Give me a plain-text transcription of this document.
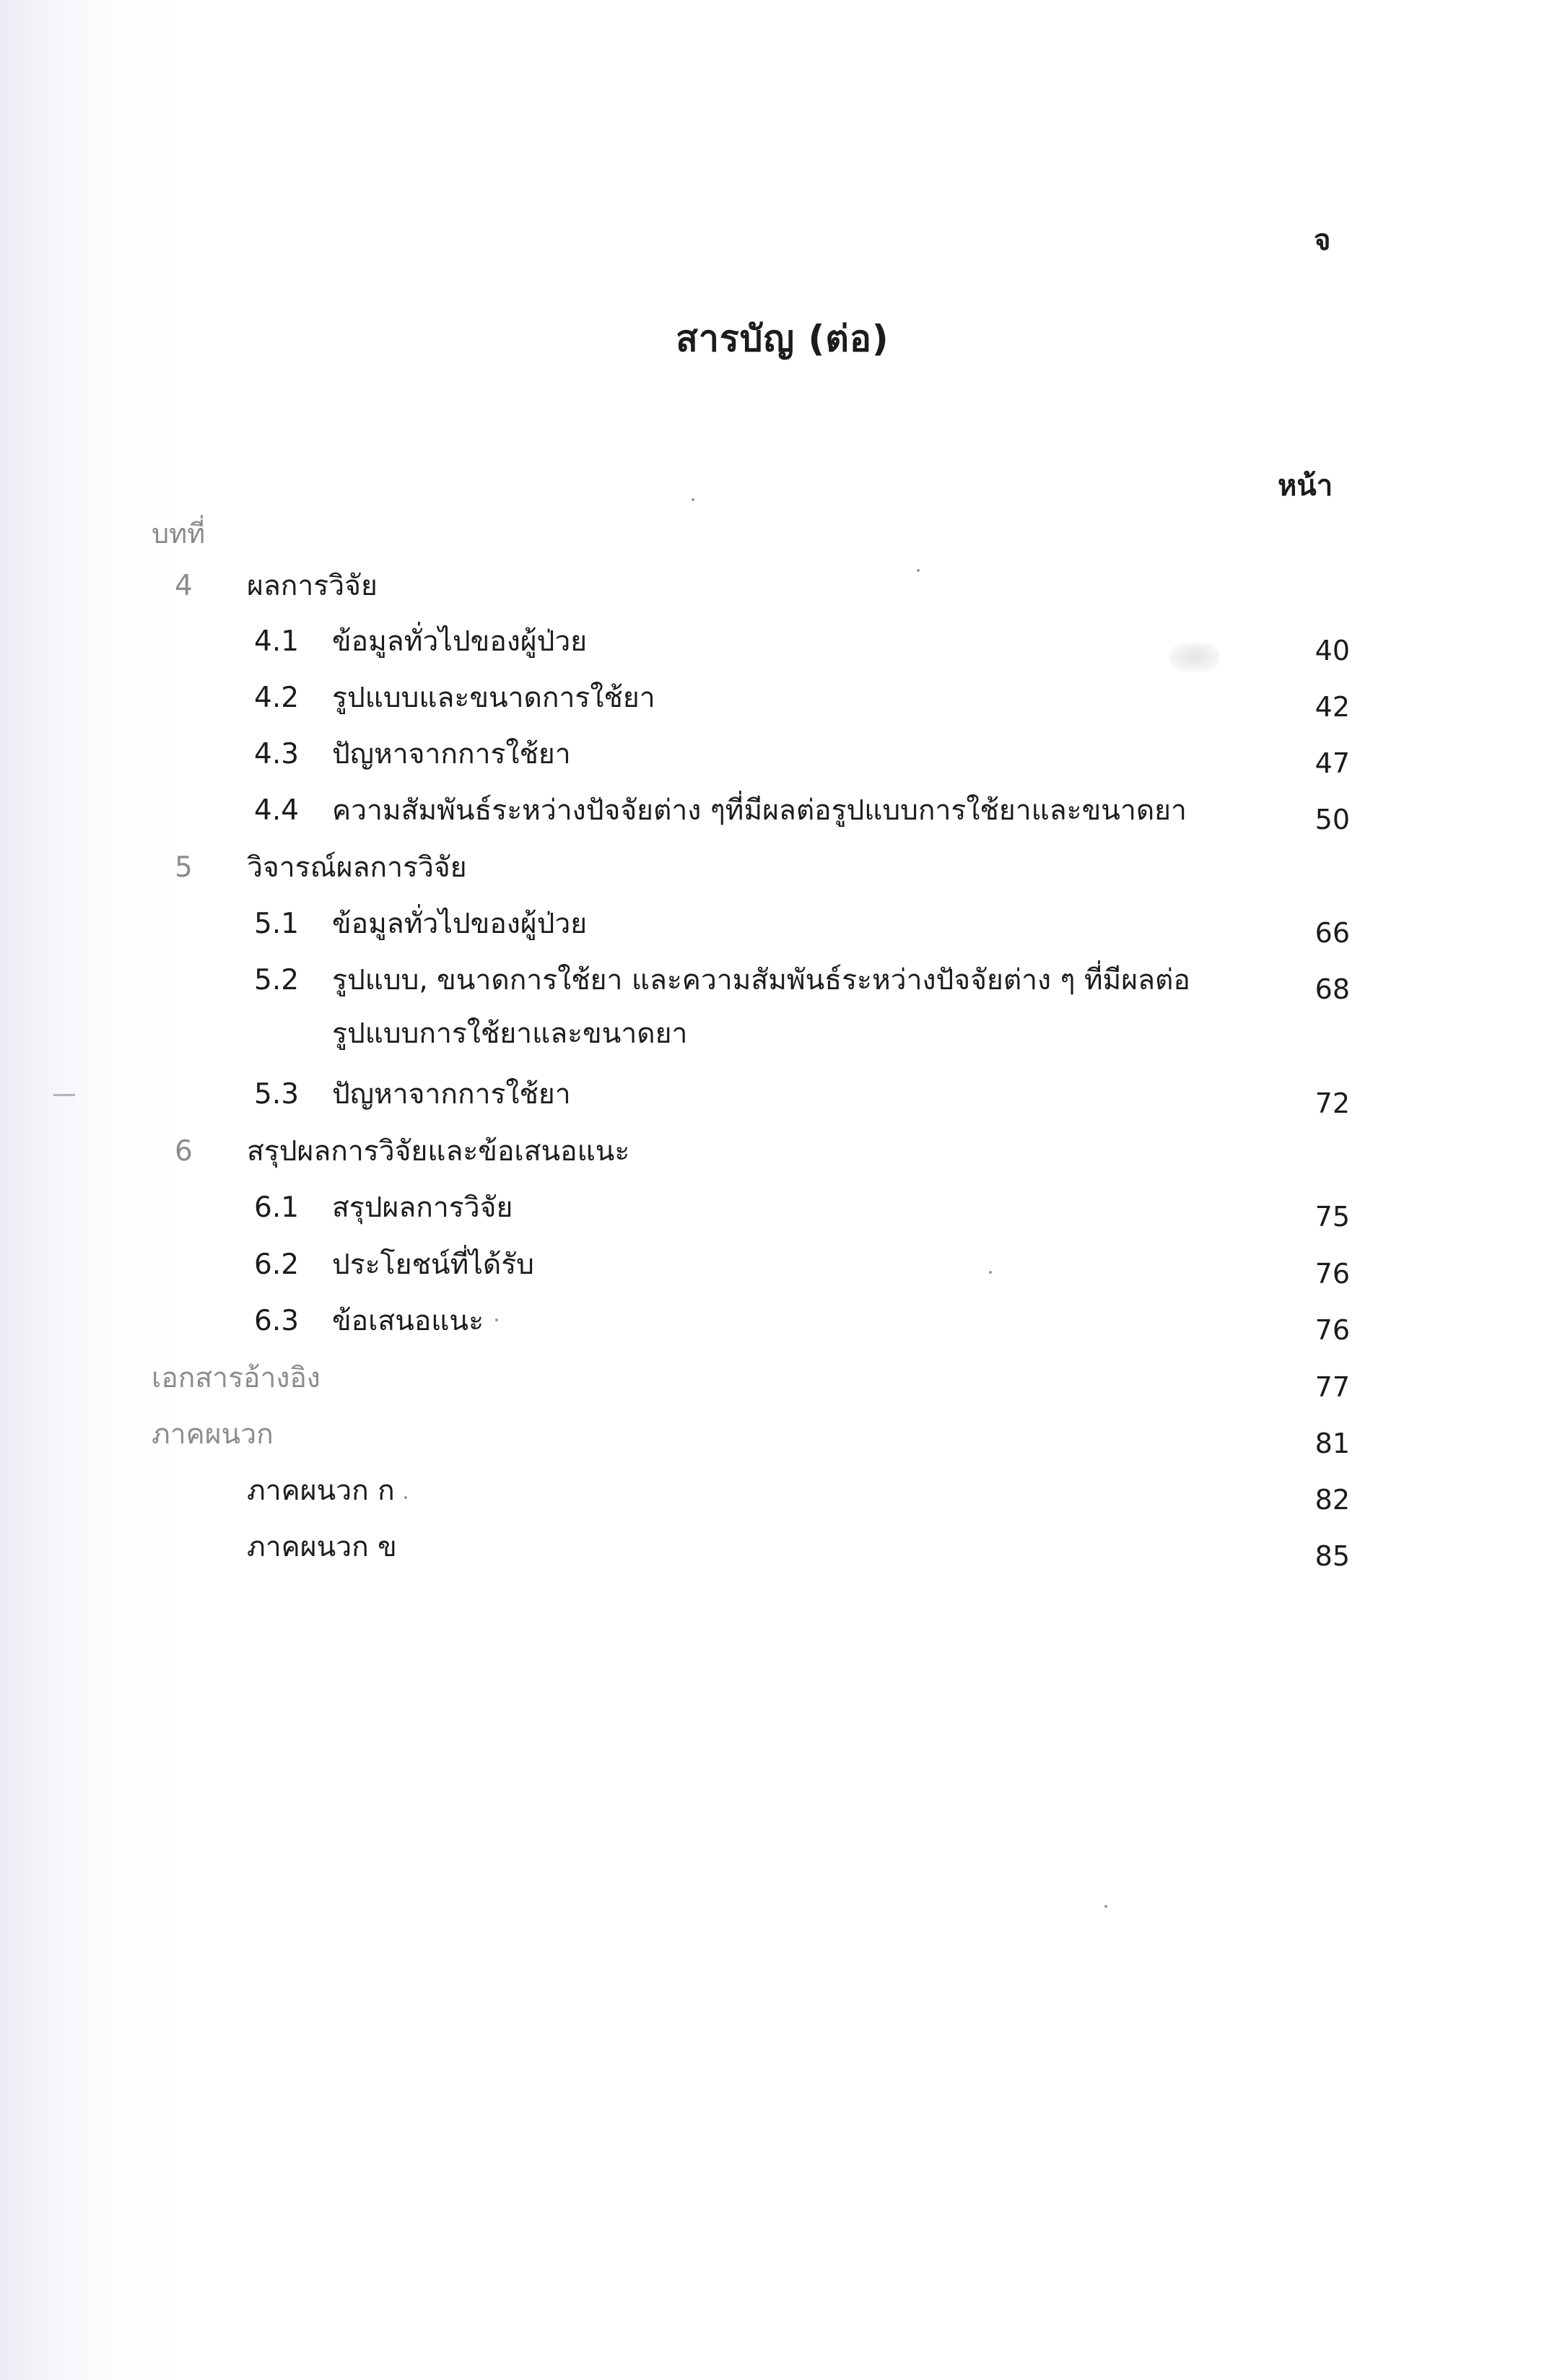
จ
สารบัญ (ต่อ)
หน้า
บทที่
4 ผลการวิจัย
4.1 ข้อมูลทั่วไปของผู้ป่วย	40
4.2 รูปแบบและขนาดการใช้ยา	42
4.3 ปัญหาจากการใช้ยา	47
4.4 ความสัมพันธ์ระหว่างปัจจัยต่าง ๆที่มีผลต่อรูปแบบการใช้ยาและขนาดยา	50
5 วิจารณ์ผลการวิจัย
5.1 ข้อมูลทั่วไปของผู้ป่วย	66
5.2 รูปแบบ, ขนาดการใช้ยา และความสัมพันธ์ระหว่างปัจจัยต่าง ๆ ที่มีผลต่อ	68
รูปแบบการใช้ยาและขนาดยา
5.3 ปัญหาจากการใช้ยา	72
6 สรุปผลการวิจัยและข้อเสนอแนะ
6.1 สรุปผลการวิจัย	75
6.2 ประโยชน์ที่ได้รับ	76
6.3 ข้อเสนอแนะ	76
เอกสารอ้างอิง	77
ภาคผนวก	81
ภาคผนวก ก	82
ภาคผนวก ข	85
